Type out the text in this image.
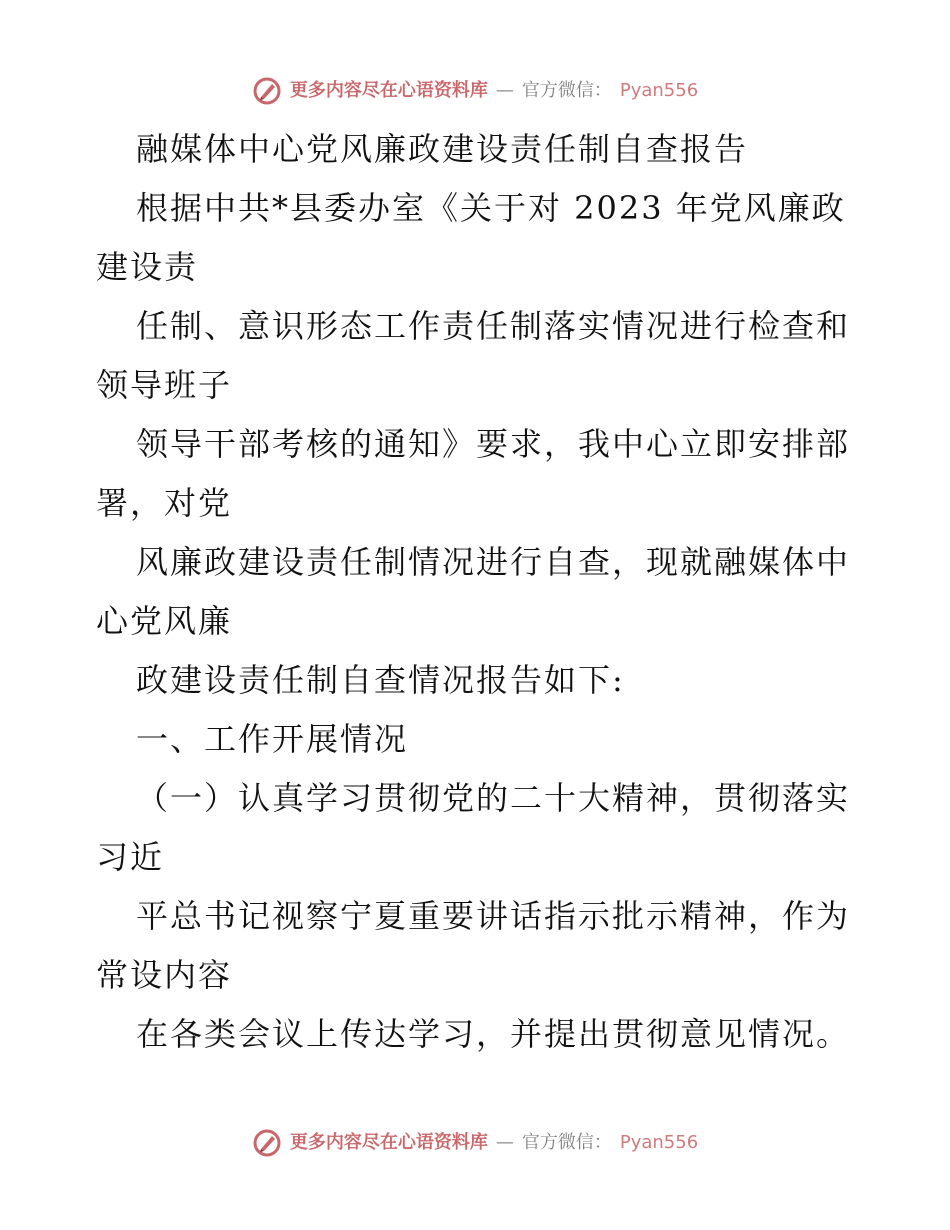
更多内容尽在心语资料库 — 官方微信： Pyan556
融媒体中心党风廉政建设责任制自查报告
根据中共*县委办室《关于对 2023 年党风廉政
建设责
任制、意识形态工作责任制落实情况进行检查和
领导班子
领导干部考核的通知》要求，我中心立即安排部
署，对党
风廉政建设责任制情况进行自查，现就融媒体中
心党风廉
政建设责任制自查情况报告如下:
一、工作开展情况
（一）认真学习贯彻党的二十大精神，贯彻落实
习近
平总书记视察宁夏重要讲话指示批示精神，作为
常设内容
在各类会议上传达学习，并提出贯彻意见情况。
更多内容尽在心语资料库 — 官方微信： Pyan556
